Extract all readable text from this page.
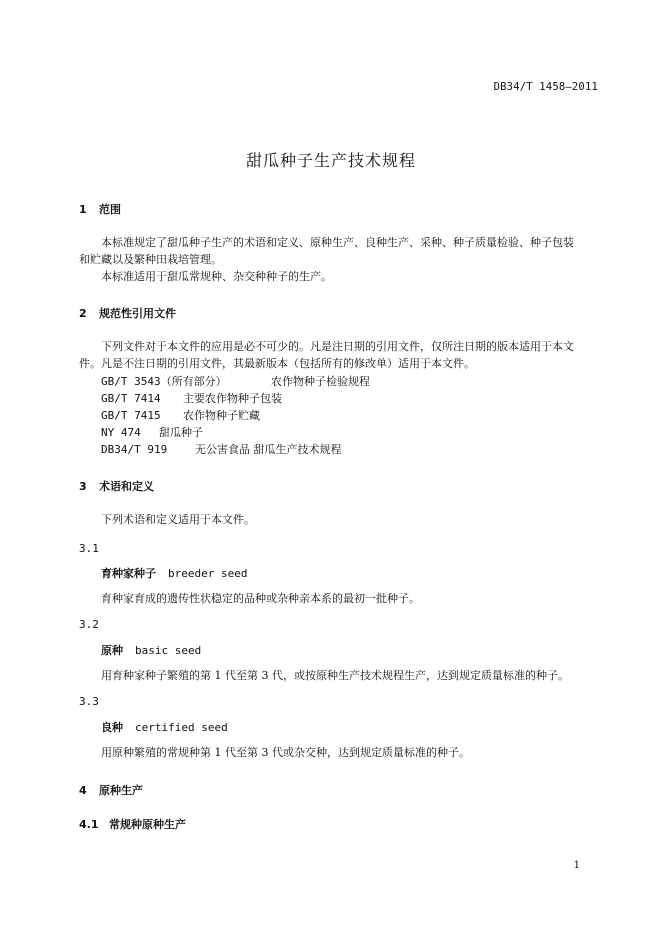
DB34/T 1458—2011
甜瓜种子生产技术规程
1 范围
本标准规定了甜瓜种子生产的术语和定义、原种生产、良种生产、采种、种子质量检验、种子包装
和贮藏以及繁种田栽培管理。
本标准适用于甜瓜常规种、杂交种种子的生产。
2 规范性引用文件
下列文件对于本文件的应用是必不可少的。凡是注日期的引用文件，仅所注日期的版本适用于本文
件。凡是不注日期的引用文件，其最新版本（包括所有的修改单）适用于本文件。
GB/T 3543（所有部分）	农作物种子检验规程
GB/T 7414 主要农作物种子包装
GB/T 7415 农作物种子贮藏
NY 474 甜瓜种子
DB34/T 919	无公害食品 甜瓜生产技术规程
3 术语和定义
下列术语和定义适用于本文件。
3.1
育种家种子 breeder seed
育种家育成的遗传性状稳定的品种或杂种亲本系的最初一批种子。
3.2
原种 basic seed
用育种家种子繁殖的第 1 代至第 3 代，或按原种生产技术规程生产，达到规定质量标准的种子。
3.3
良种 certified seed
用原种繁殖的常规种第 1 代至第 3 代或杂交种，达到规定质量标准的种子。
4 原种生产
4.1 常规种原种生产
1
